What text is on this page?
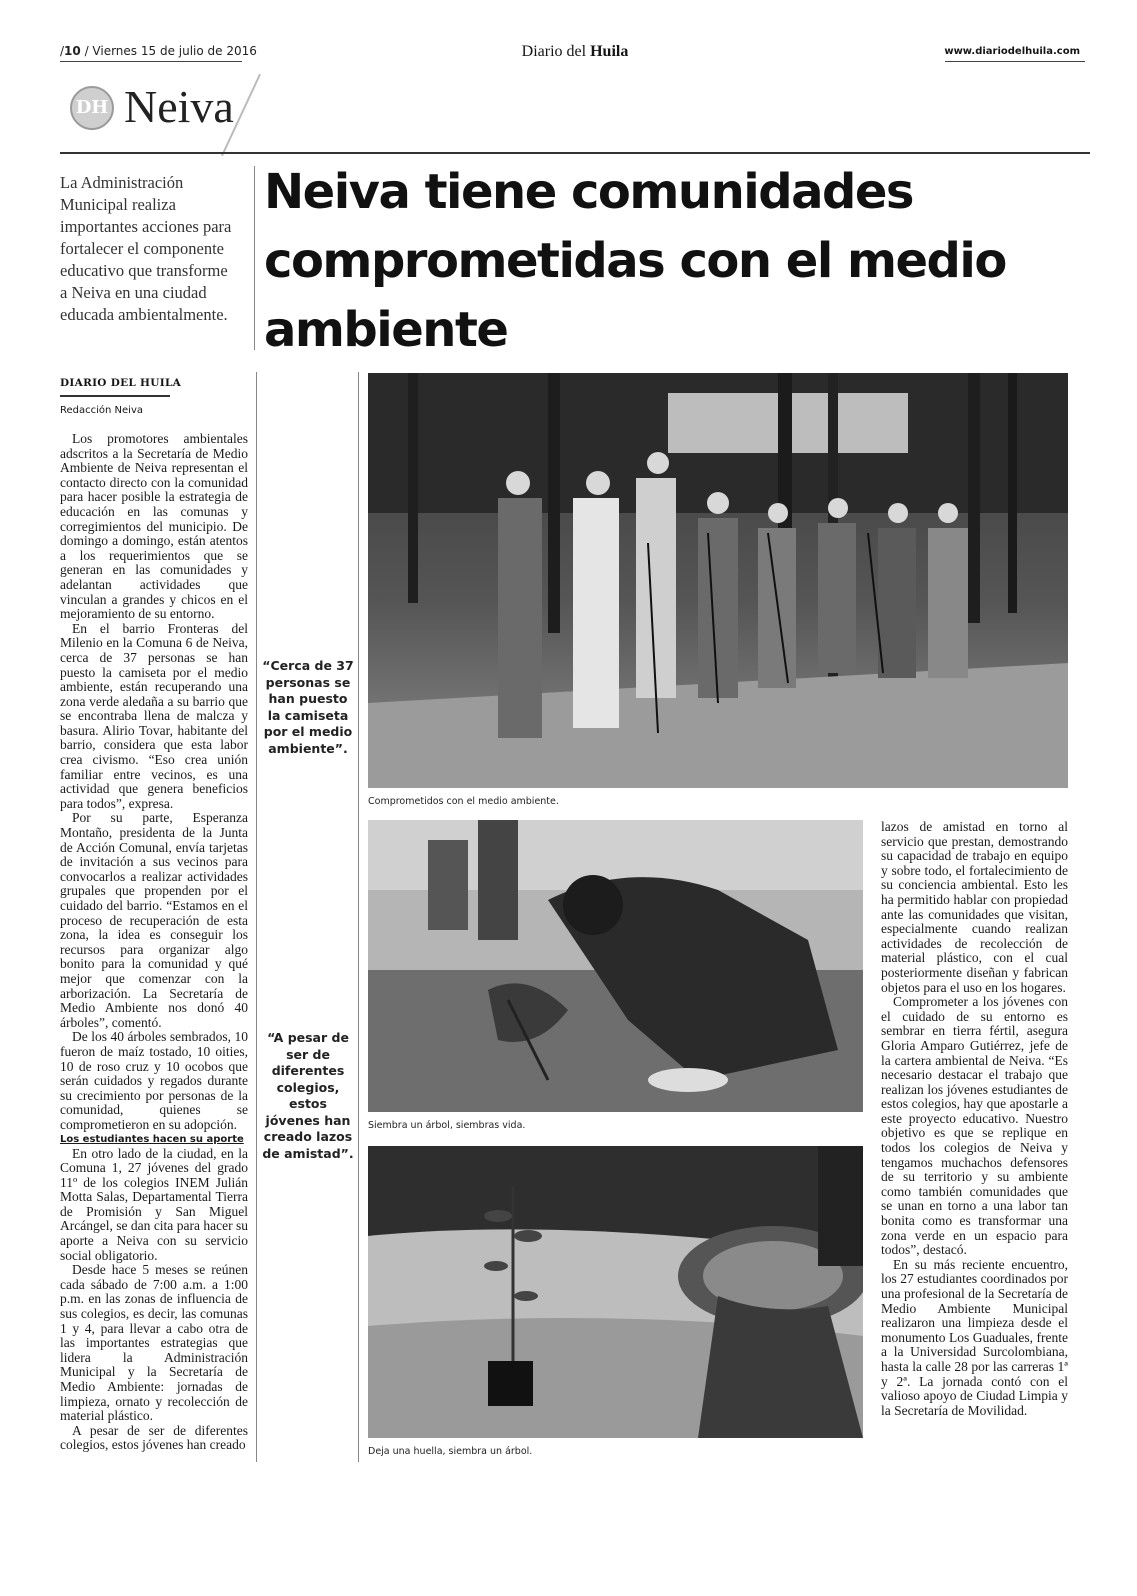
/10 / Viernes 15 de julio de 2016	Diario del Huila	www.diariodelhuila.com
DH Neiva
La Administración Municipal realiza importantes acciones para fortalecer el componente educativo que transforme a Neiva en una ciudad educada ambientalmente.
Neiva tiene comunidades comprometidas con el medio ambiente
DIARIO DEL HUILA
Redacción Neiva

Los promotores ambientales adscritos a la Secretaría de Medio Ambiente de Neiva representan el contacto directo con la comunidad para hacer posible la estrategia de educación en las comunas y corregimientos del municipio. De domingo a domingo, están atentos a los requerimientos que se generan en las comunidades y adelantan actividades que vinculan a grandes y chicos en el mejoramiento de su entorno.

En el barrio Fronteras del Milenio en la Comuna 6 de Neiva, cerca de 37 personas se han puesto la camiseta por el medio ambiente, están recuperando una zona verde aledaña a su barrio que se encontraba llena de malcza y basura. Alirio Tovar, habitante del barrio, considera que esta labor crea civismo. “Eso crea unión familiar entre vecinos, es una actividad que genera beneficios para todos”, expresa.

Por su parte, Esperanza Montaño, presidenta de la Junta de Acción Comunal, envía tarjetas de invitación a sus vecinos para convocarlos a realizar actividades grupales que propenden por el cuidado del barrio. “Estamos en el proceso de recuperación de esta zona, la idea es conseguir los recursos para organizar algo bonito para la comunidad y qué mejor que comenzar con la arborización. La Secretaría de Medio Ambiente nos donó 40 árboles”, comentó.

De los 40 árboles sembrados, 10 fueron de maíz tostado, 10 oities, 10 de roso cruz y 10 ocobos que serán cuidados y regados durante su crecimiento por personas de la comunidad, quienes se comprometieron en su adopción.

Los estudiantes hacen su aporte

En otro lado de la ciudad, en la Comuna 1, 27 jóvenes del grado 11º de los colegios INEM Julián Motta Salas, Departamental Tierra de Promisión y San Miguel Arcángel, se dan cita para hacer su aporte a Neiva con su servicio social obligatorio.

Desde hace 5 meses se reúnen cada sábado de 7:00 a.m. a 1:00 p.m. en las zonas de influencia de sus colegios, es decir, las comunas 1 y 4, para llevar a cabo otra de las importantes estrategias que lidera la Administración Municipal y la Secretaría de Medio Ambiente: jornadas de limpieza, ornato y recolección de material plástico.

A pesar de ser de diferentes colegios, estos jóvenes han creado

“Cerca de 37 personas se han puesto la camiseta por el medio ambiente”.
“A pesar de ser de diferentes colegios, estos jóvenes han creado lazos de amistad”.
Comprometidos con el medio ambiente.
Siembra un árbol, siembras vida.
Deja una huella, siembra un árbol.

lazos de amistad en torno al servicio que prestan, demostrando su capacidad de trabajo en equipo y sobre todo, el fortalecimiento de su conciencia ambiental. Esto les ha permitido hablar con propiedad ante las comunidades que visitan, especialmente cuando realizan actividades de recolección de material plástico, con el cual posteriormente diseñan y fabrican objetos para el uso en los hogares.

Comprometer a los jóvenes con el cuidado de su entorno es sembrar en tierra fértil, asegura Gloria Amparo Gutiérrez, jefe de la cartera ambiental de Neiva. “Es necesario destacar el trabajo que realizan los jóvenes estudiantes de estos colegios, hay que apostarle a este proyecto educativo. Nuestro objetivo es que se replique en todos los colegios de Neiva y tengamos muchachos defensores de su territorio y su ambiente como también comunidades que se unan en torno a una labor tan bonita como es transformar una zona verde en un espacio para todos”, destacó.

En su más reciente encuentro, los 27 estudiantes coordinados por una profesional de la Secretaría de Medio Ambiente Municipal realizaron una limpieza desde el monumento Los Guaduales, frente a la Universidad Surcolombiana, hasta la calle 28 por las carreras 1ª y 2ª. La jornada contó con el valioso apoyo de Ciudad Limpia y la Secretaría de Movilidad.
